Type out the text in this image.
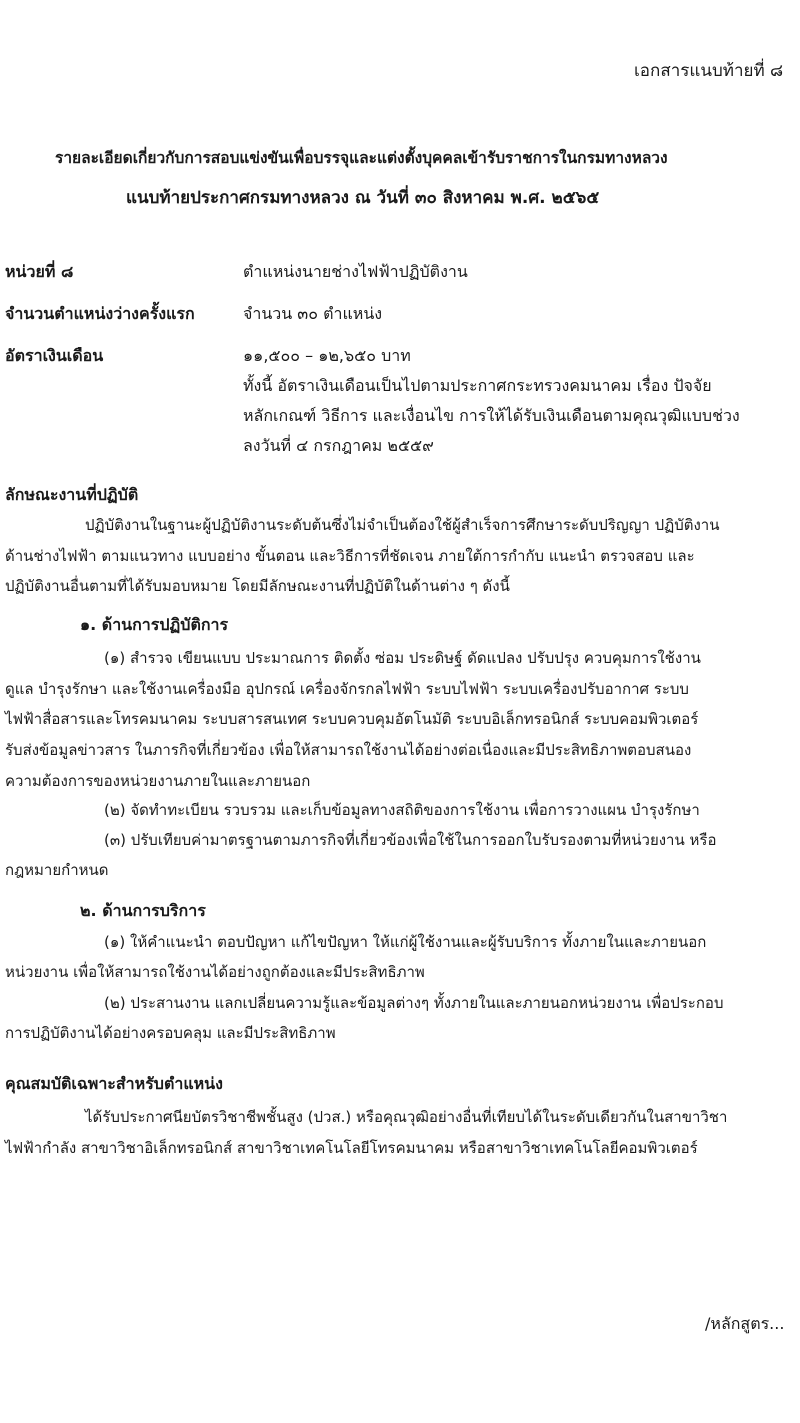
เอกสารแนบท้ายที่ ๘
รายละเอียดเกี่ยวกับการสอบแข่งขันเพื่อบรรจุและแต่งตั้งบุคคลเข้ารับราชการในกรมทางหลวง
แนบท้ายประกาศกรมทางหลวง ณ วันที่ ๓๐ สิงหาคม พ.ศ. ๒๕๖๕
หน่วยที่ ๘	ตำแหน่งนายช่างไฟฟ้าปฏิบัติงาน
จำนวนตำแหน่งว่างครั้งแรก	จำนวน ๓๐ ตำแหน่ง
อัตราเงินเดือน	๑๑,๕๐๐ – ๑๒,๖๕๐ บาท
ทั้งนี้ อัตราเงินเดือนเป็นไปตามประกาศกระทรวงคมนาคม เรื่อง ปัจจัย
หลักเกณฑ์ วิธีการ และเงื่อนไข การให้ได้รับเงินเดือนตามคุณวุฒิแบบช่วง
ลงวันที่ ๔ กรกฎาคม ๒๕๕๙
ลักษณะงานที่ปฏิบัติ
ปฏิบัติงานในฐานะผู้ปฏิบัติงานระดับต้นซึ่งไม่จำเป็นต้องใช้ผู้สำเร็จการศึกษาระดับปริญญา ปฏิบัติงาน
ด้านช่างไฟฟ้า ตามแนวทาง แบบอย่าง ขั้นตอน และวิธีการที่ชัดเจน ภายใต้การกำกับ แนะนำ ตรวจสอบ และ
ปฏิบัติงานอื่นตามที่ได้รับมอบหมาย โดยมีลักษณะงานที่ปฏิบัติในด้านต่าง ๆ ดังนี้
๑. ด้านการปฏิบัติการ
(๑) สำรวจ เขียนแบบ ประมาณการ ติดตั้ง ซ่อม ประดิษฐ์ ดัดแปลง ปรับปรุง ควบคุมการใช้งาน
ดูแล บำรุงรักษา และใช้งานเครื่องมือ อุปกรณ์ เครื่องจักรกลไฟฟ้า ระบบไฟฟ้า ระบบเครื่องปรับอากาศ ระบบ
ไฟฟ้าสื่อสารและโทรคมนาคม ระบบสารสนเทศ ระบบควบคุมอัตโนมัติ ระบบอิเล็กทรอนิกส์ ระบบคอมพิวเตอร์
รับส่งข้อมูลข่าวสาร ในภารกิจที่เกี่ยวข้อง เพื่อให้สามารถใช้งานได้อย่างต่อเนื่องและมีประสิทธิภาพตอบสนอง
ความต้องการของหน่วยงานภายในและภายนอก
(๒) จัดทำทะเบียน รวบรวม และเก็บข้อมูลทางสถิติของการใช้งาน เพื่อการวางแผน บำรุงรักษา
(๓) ปรับเทียบค่ามาตรฐานตามภารกิจที่เกี่ยวข้องเพื่อใช้ในการออกใบรับรองตามที่หน่วยงาน หรือ
กฎหมายกำหนด
๒. ด้านการบริการ
(๑) ให้คำแนะนำ ตอบปัญหา แก้ไขปัญหา ให้แก่ผู้ใช้งานและผู้รับบริการ ทั้งภายในและภายนอก
หน่วยงาน เพื่อให้สามารถใช้งานได้อย่างถูกต้องและมีประสิทธิภาพ
(๒) ประสานงาน แลกเปลี่ยนความรู้และข้อมูลต่างๆ ทั้งภายในและภายนอกหน่วยงาน เพื่อประกอบ
การปฏิบัติงานได้อย่างครอบคลุม และมีประสิทธิภาพ
คุณสมบัติเฉพาะสำหรับตำแหน่ง
ได้รับประกาศนียบัตรวิชาชีพชั้นสูง (ปวส.) หรือคุณวุฒิอย่างอื่นที่เทียบได้ในระดับเดียวกันในสาขาวิชา
ไฟฟ้ากำลัง สาขาวิชาอิเล็กทรอนิกส์ สาขาวิชาเทคโนโลยีโทรคมนาคม หรือสาขาวิชาเทคโนโลยีคอมพิวเตอร์
/หลักสูตร...
